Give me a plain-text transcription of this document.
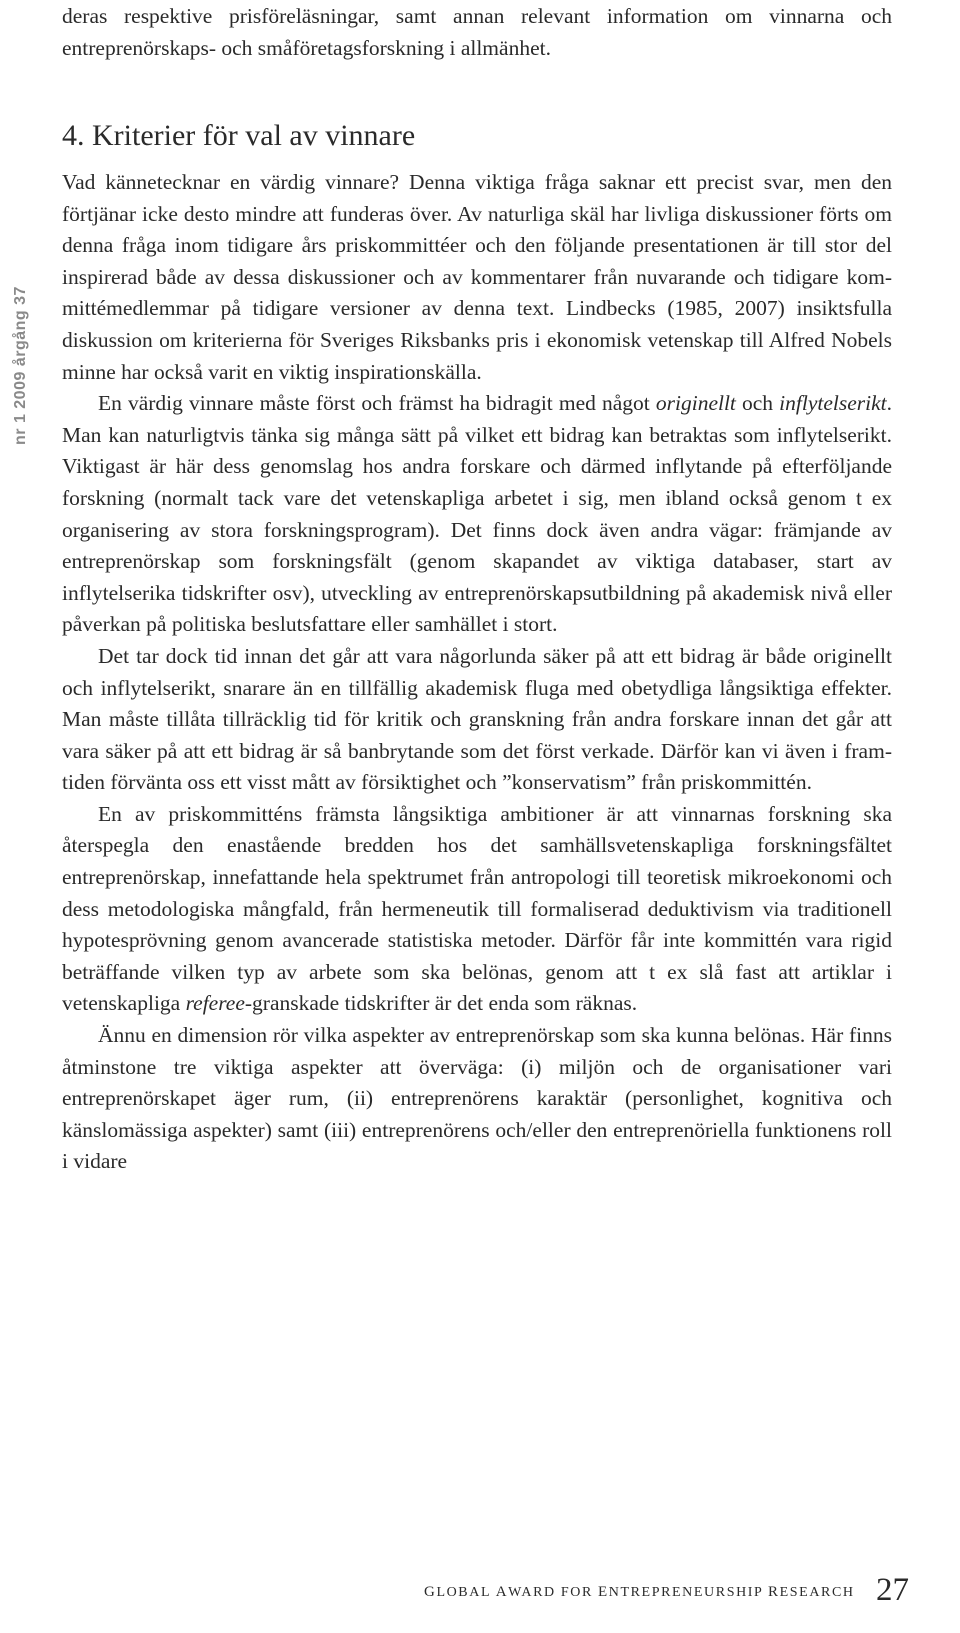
nr 1 2009 årgång 37

deras respektive prisföreläsningar, samt annan relevant information om vinnarna och entreprenörskaps- och småföretagsforskning i allmänhet.

4. Kriterier för val av vinnare

Vad kännetecknar en värdig vinnare? Denna viktiga fråga saknar ett precist svar, men den förtjänar icke desto mindre att funderas över. Av naturliga skäl har livliga diskussioner förts om denna fråga inom tidigare års priskommittéer och den följande presentationen är till stor del inspirerad både av dessa diskussioner och av kommentarer från nuvarande och tidigare kommittémedlemmar på tidigare versioner av denna text. Lindbecks (1985, 2007) insiktsfulla diskussion om kriterierna för Sveriges Riksbanks pris i ekonomisk vetenskap till Alfred Nobels minne har också varit en viktig inspirationskälla.

En värdig vinnare måste först och främst ha bidragit med något originellt och inflytelserikt. Man kan naturligtvis tänka sig många sätt på vilket ett bidrag kan betraktas som inflytelserikt. Viktigast är här dess genomslag hos andra forskare och därmed inflytande på efterföljande forskning (normalt tack vare det vetenskapliga arbetet i sig, men ibland också genom t ex organisering av stora forskningsprogram). Det finns dock även andra vägar: främjande av entreprenörskap som forskningsfält (genom skapandet av viktiga databaser, start av inflytelserika tidskrifter osv), utveckling av entreprenörskapsutbildning på akademisk nivå eller påverkan på politiska beslutsfattare eller samhället i stort.

Det tar dock tid innan det går att vara någorlunda säker på att ett bidrag är både originellt och inflytelserikt, snarare än en tillfällig akademisk fluga med obetydliga långsiktiga effekter. Man måste tillåta tillräcklig tid för kritik och granskning från andra forskare innan det går att vara säker på att ett bidrag är så banbrytande som det först verkade. Därför kan vi även i framtiden förvänta oss ett visst mått av försiktighet och ”konservatism” från priskommittén.

En av priskommitténs främsta långsiktiga ambitioner är att vinnarnas forskning ska återspegla den enastående bredden hos det samhällsvetenskapliga forskningsfältet entreprenörskap, innefattande hela spektrumet från antropologi till teoretisk mikroekonomi och dess metodologiska mångfald, från hermeneutik till formaliserad deduktivism via traditionell hypotesprövning genom avancerade statistiska metoder. Därför får inte kommittén vara rigid beträffande vilken typ av arbete som ska belönas, genom att t ex slå fast att artiklar i vetenskapliga referee-granskade tidskrifter är det enda som räknas.

Ännu en dimension rör vilka aspekter av entreprenörskap som ska kunna belönas. Här finns åtminstone tre viktiga aspekter att överväga: (i) miljön och de organisationer vari entreprenörskapet äger rum, (ii) entreprenörens karaktär (personlighet, kognitiva och känslomässiga aspekter) samt (iii) entreprenörens och/eller den entreprenöriella funktionens roll i vidare

GLOBAL AWARD FOR ENTREPRENEURSHIP RESEARCH 27
